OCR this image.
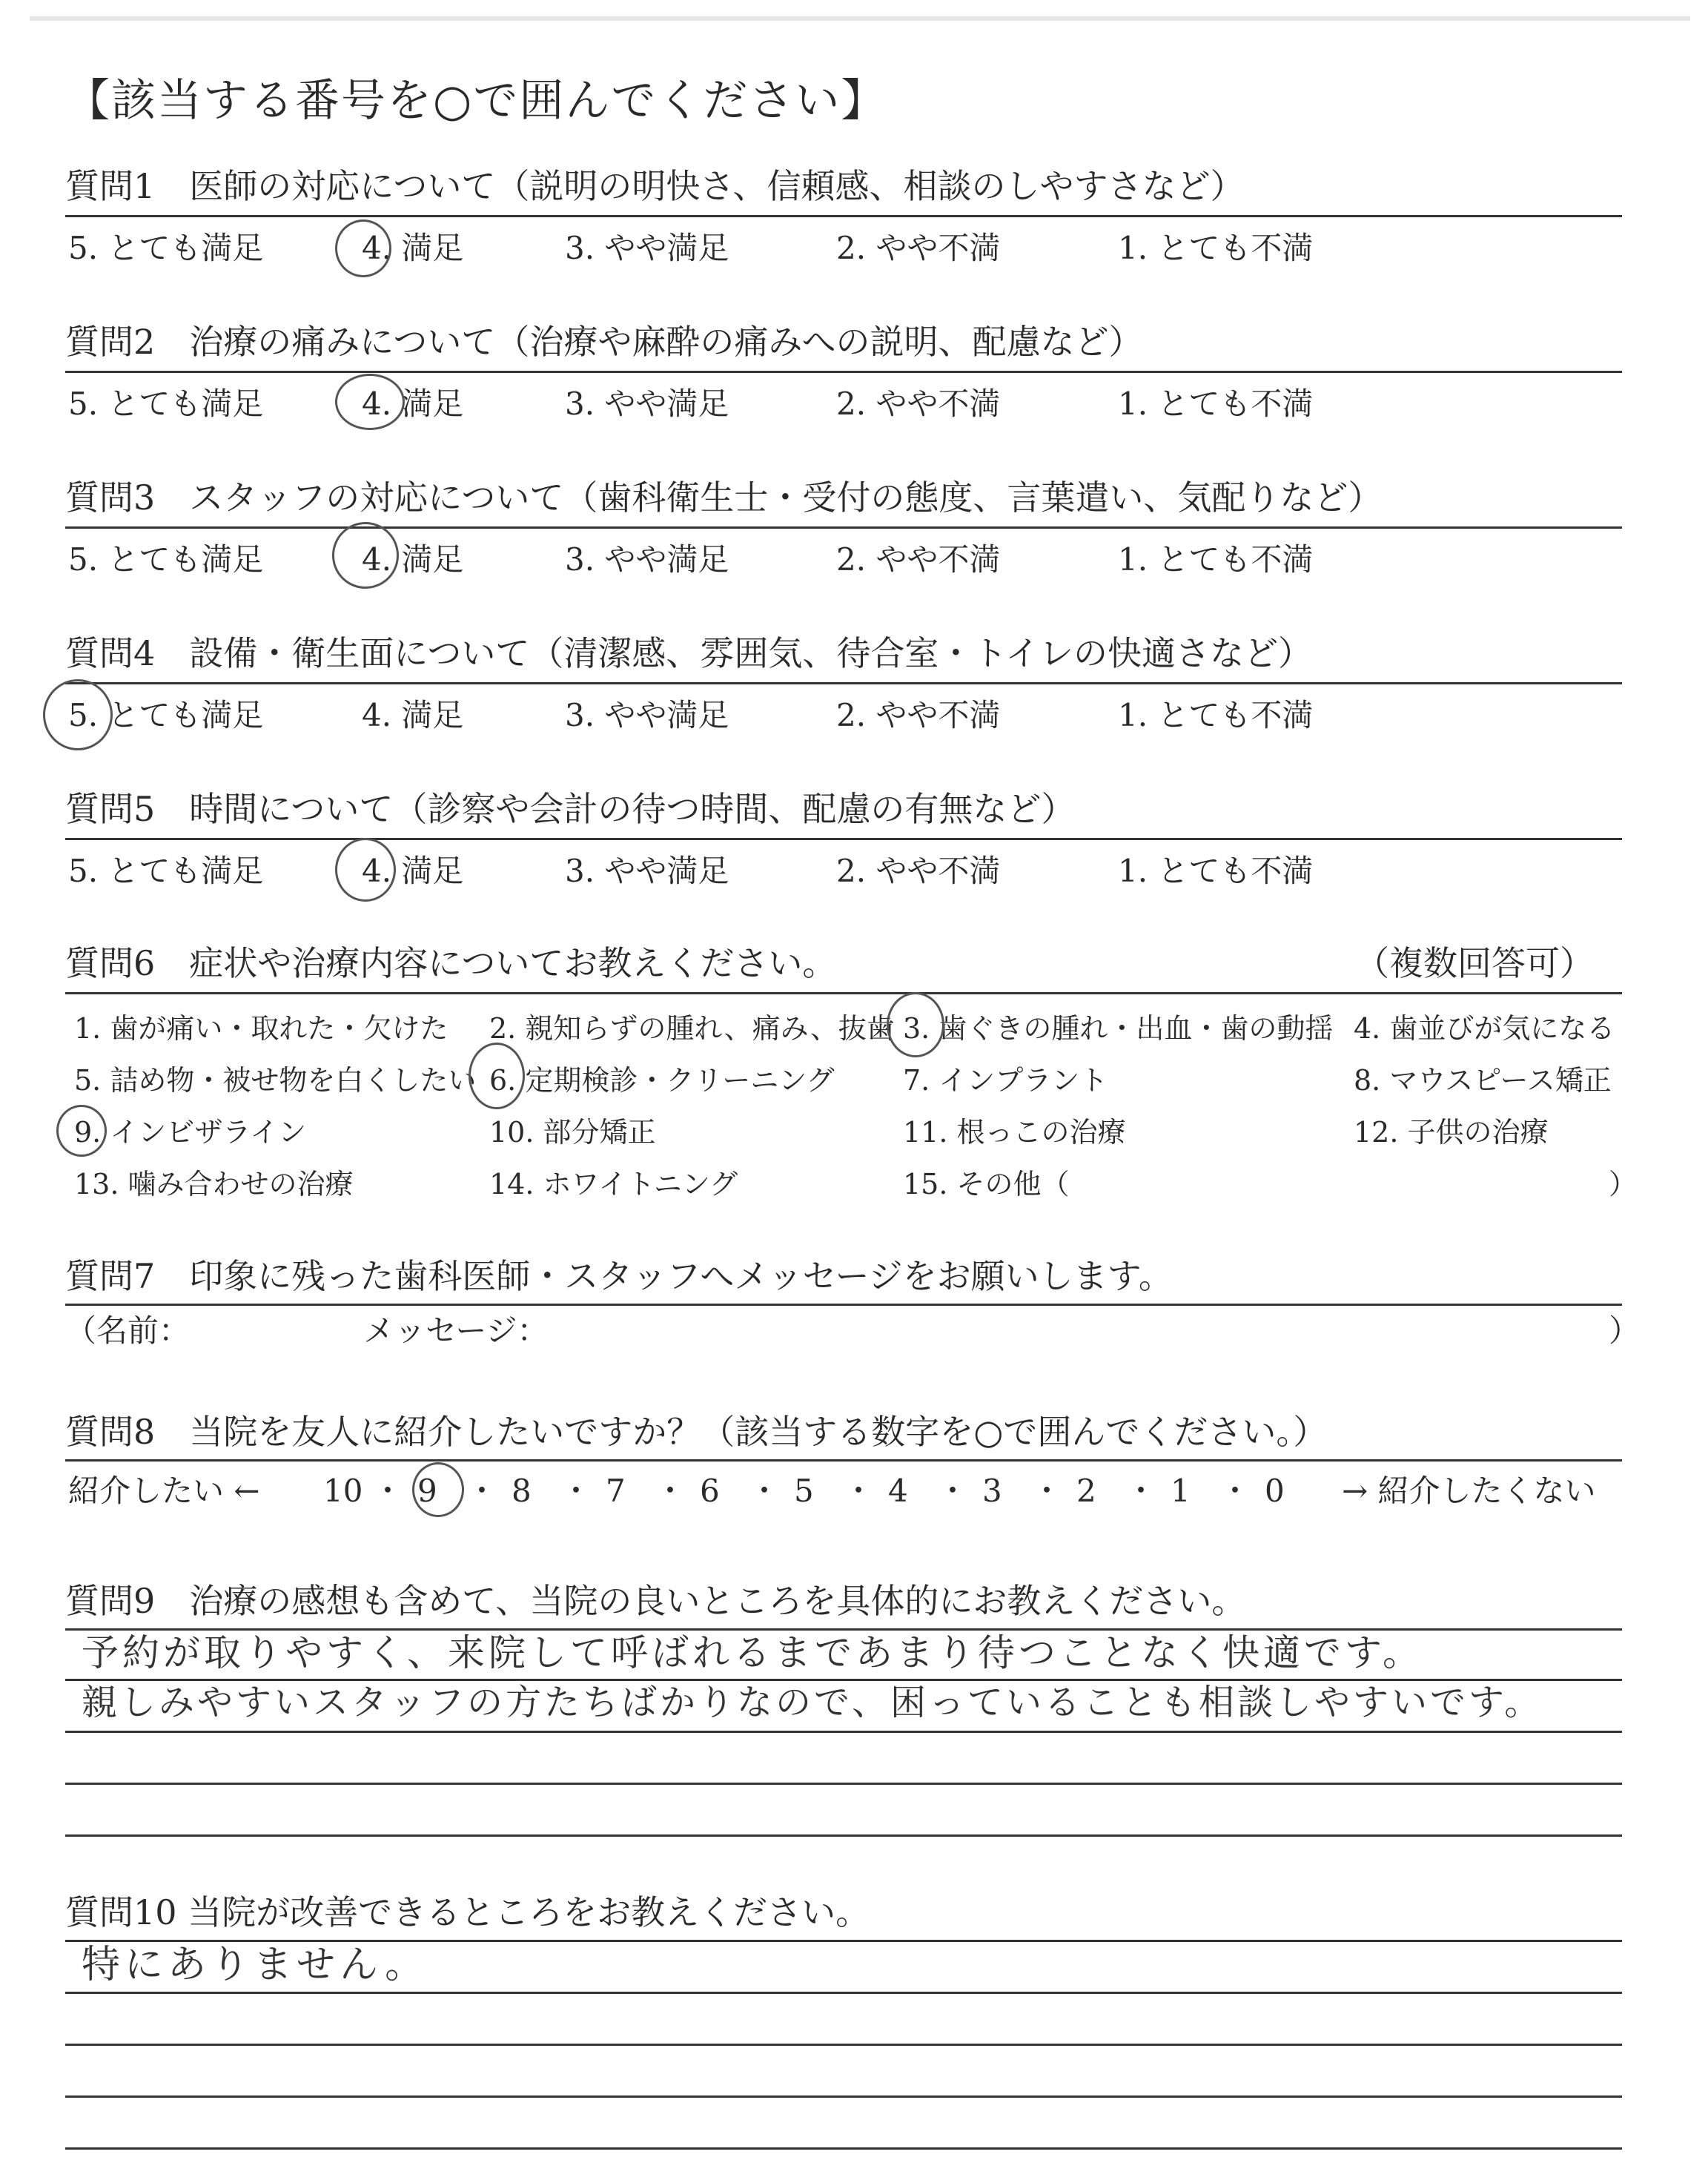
【該当する番号を○で囲んでください】
質問1　 医師の対応について（説明の明快さ、信頼感、相談のしやすさなど）
5. とても満足	4. 満足	3. やや満足	2. やや不満	1. とても不満
質問2　 治療の痛みについて（治療や麻酔の痛みへの説明、配慮など）
5. とても満足	4. 満足	3. やや満足	2. やや不満	1. とても不満
質問3　 スタッフの対応について（歯科衛生士・受付の態度、言葉遣い、気配りなど）
5. とても満足	4. 満足	3. やや満足	2. やや不満	1. とても不満
質問4　 設備・衛生面について（清潔感、雰囲気、待合室・トイレの快適さなど）
5. とても満足	4. 満足	3. やや満足	2. やや不満	1. とても不満
質問5　 時間について（診察や会計の待つ時間、配慮の有無など）
5. とても満足	4. 満足	3. やや満足	2. やや不満	1. とても不満
質問6　 症状や治療内容についてお教えください。	（複数回答可）
1. 歯が痛い・取れた・欠けた 2. 親知らずの腫れ、痛み、抜歯 3. 歯ぐきの腫れ・出血・歯の動揺 4. 歯並びが気になる
5. 詰め物・被せ物を白くしたい 6. 定期検診・クリーニング 7. インプラント	8. マウスピース矯正
9. インビザライン	10. 部分矯正	11. 根っこの治療	12. 子供の治療
13. 噛み合わせの治療	14. ホワイトニング	15. その他（	）
質問7　 印象に残った歯科医師・スタッフへメッセージをお願いします。
（名前：	メッセージ：	）
質問8　 当院を友人に紹介したいですか？（該当する数字を○で囲んでください。）
紹介したい ← 10 ・ 9 ・ 8 ・ 7 ・ 6 ・ 5 ・ 4 ・ 3 ・ 2 ・ 1 ・ 0 → 紹介したくない
質問9　 治療の感想も含めて、当院の良いところを具体的にお教えください。
予約が取りやすく、来院して呼ばれるまであまり待つことなく快適です。
親しみやすいスタッフの方たちばかりなので、困っていることも相談しやすいです。
質問10 当院が改善できるところをお教えください。
特にありません。
